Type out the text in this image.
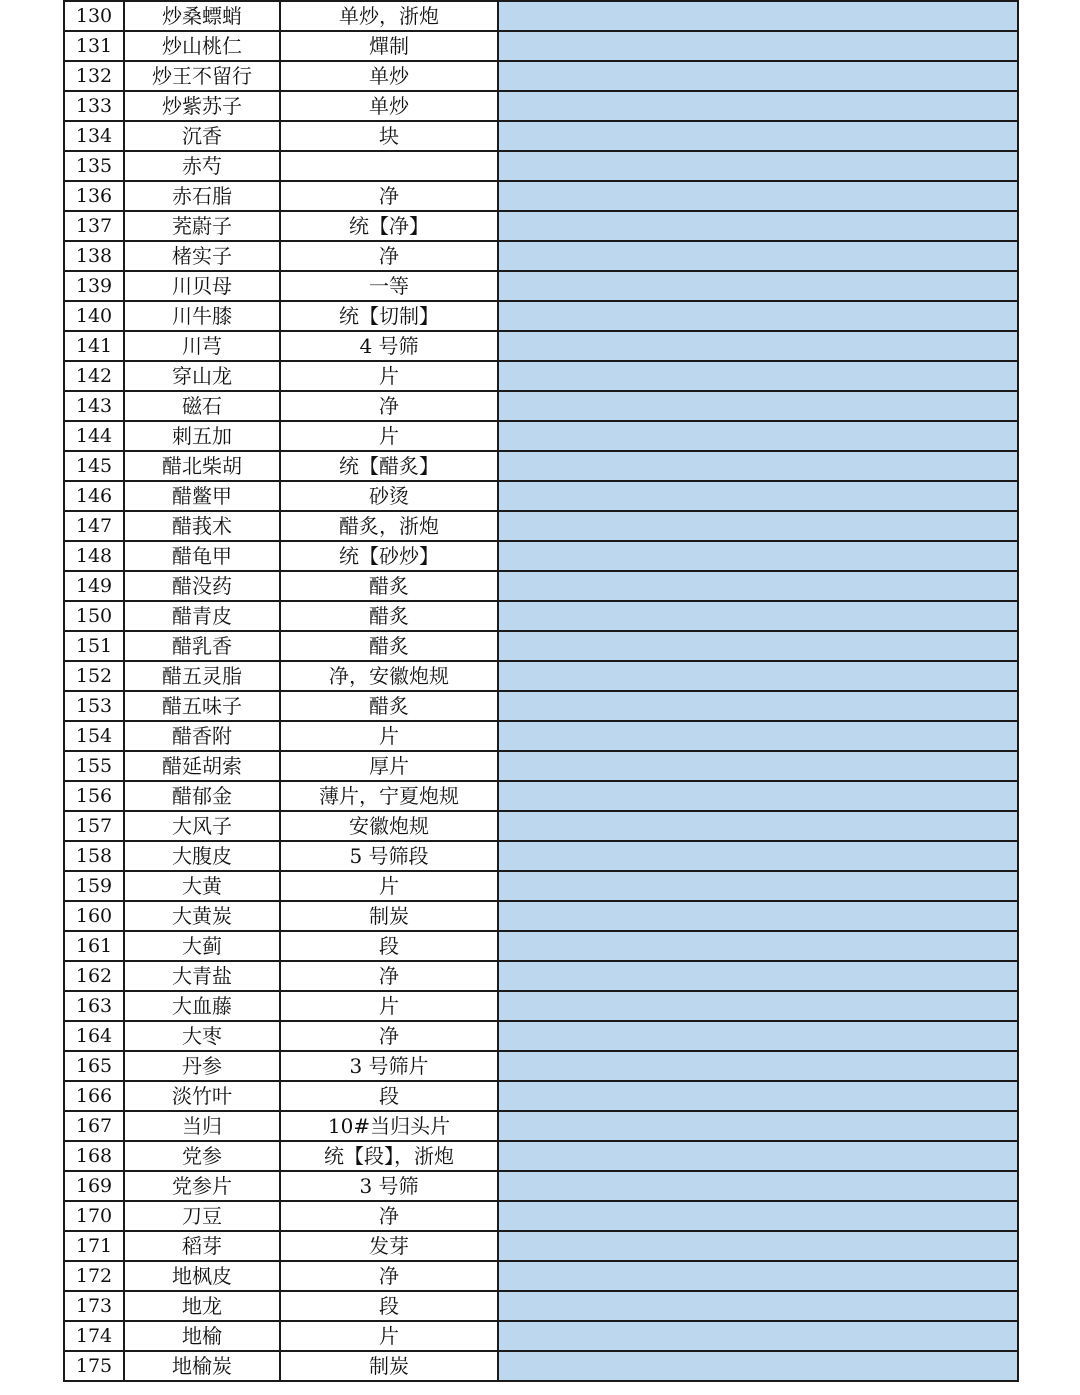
130	炒桑螵蛸	单炒，浙炮	
131	炒山桃仁	燀制	
132	炒王不留行	单炒	
133	炒紫苏子	单炒	
134	沉香	块	
135	赤芍		
136	赤石脂	净	
137	茺蔚子	统【净】	
138	楮实子	净	
139	川贝母	一等	
140	川牛膝	统【切制】	
141	川芎	4 号筛	
142	穿山龙	片	
143	磁石	净	
144	刺五加	片	
145	醋北柴胡	统【醋炙】	
146	醋鳖甲	砂烫	
147	醋莪术	醋炙，浙炮	
148	醋龟甲	统【砂炒】	
149	醋没药	醋炙	
150	醋青皮	醋炙	
151	醋乳香	醋炙	
152	醋五灵脂	净，安徽炮规	
153	醋五味子	醋炙	
154	醋香附	片	
155	醋延胡索	厚片	
156	醋郁金	薄片，宁夏炮规	
157	大风子	安徽炮规	
158	大腹皮	5 号筛段	
159	大黄	片	
160	大黄炭	制炭	
161	大蓟	段	
162	大青盐	净	
163	大血藤	片	
164	大枣	净	
165	丹参	3 号筛片	
166	淡竹叶	段	
167	当归	10#当归头片	
168	党参	统【段】，浙炮	
169	党参片	3 号筛	
170	刀豆	净	
171	稻芽	发芽	
172	地枫皮	净	
173	地龙	段	
174	地榆	片	
175	地榆炭	制炭	
